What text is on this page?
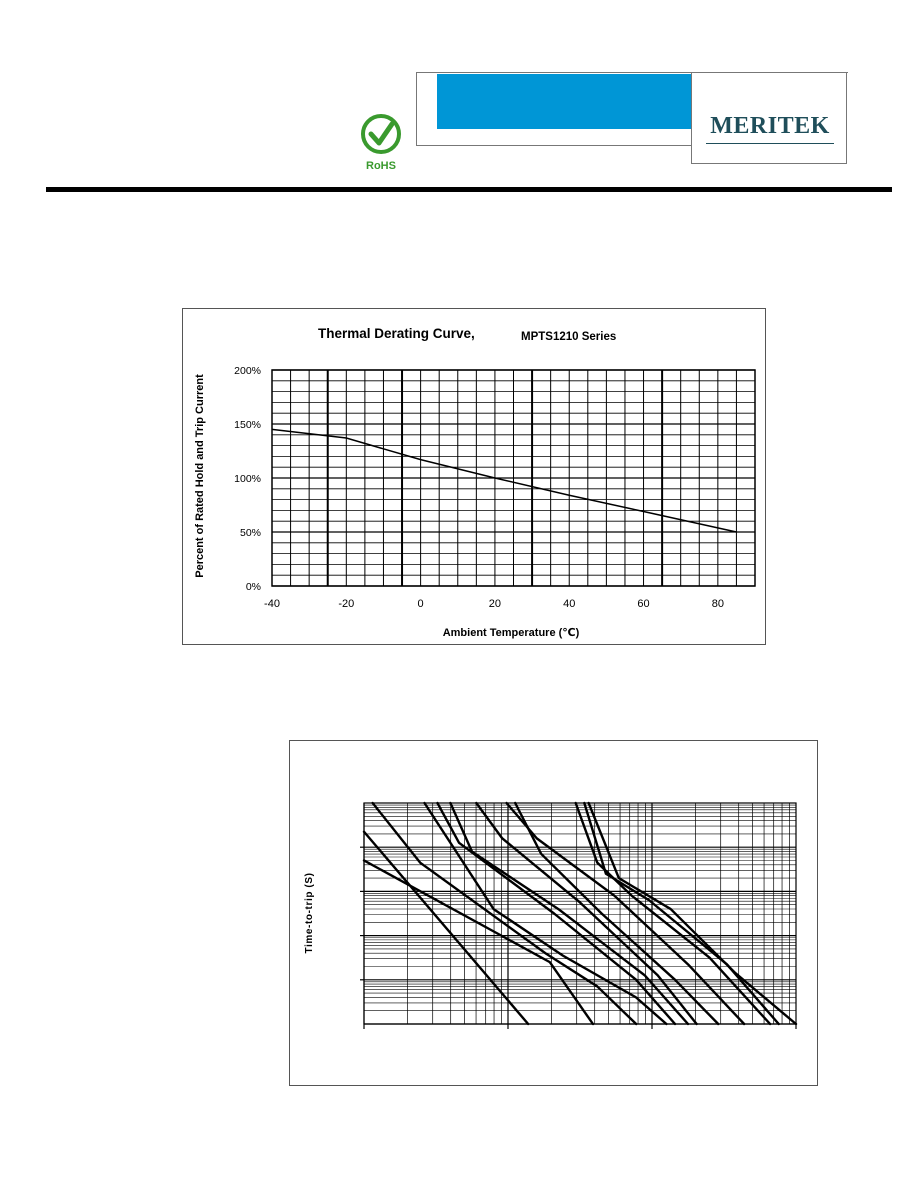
RoHS
MERITEK
Thermal Derating Curve,	MPTS1210 Series
-40	-20	0	20	40	60	80
0%
50%
100%
150%
200%
Percent of Rated Hold and Trip Current
Ambient Temperature (℃)
Time-to-trip (S)
